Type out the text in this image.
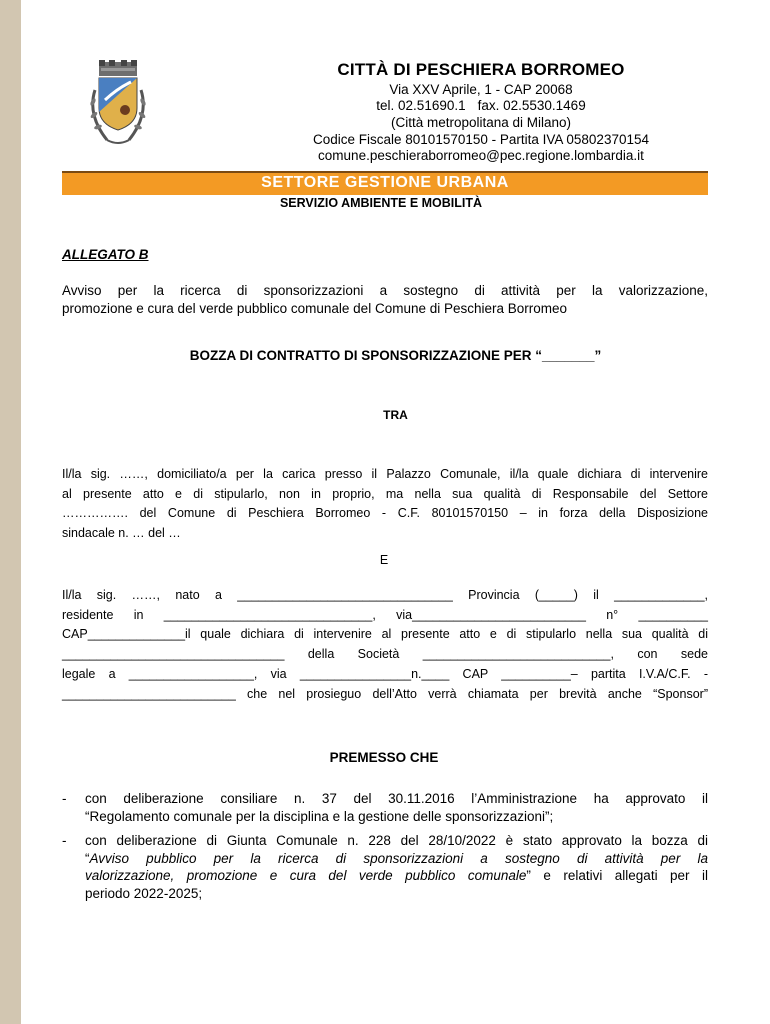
CITTÀ DI PESCHIERA BORROMEO
Via XXV Aprile, 1 - CAP 20068
tel. 02.51690.1 fax. 02.5530.1469
(Città metropolitana di Milano)
Codice Fiscale 80101570150 - Partita IVA 05802370154
comune.peschieraborromeo@pec.regione.lombardia.it
SETTORE GESTIONE URBANA
SERVIZIO AMBIENTE E MOBILITÀ
ALLEGATO B
Avviso per la ricerca di sponsorizzazioni a sostegno di attività per la valorizzazione,
promozione e cura del verde pubblico comunale del Comune di Peschiera Borromeo
BOZZA DI CONTRATTO DI SPONSORIZZAZIONE PER “_______”
TRA
Il/la sig. ……, domiciliato/a per la carica presso il Palazzo Comunale, il/la quale dichiara di intervenire
al presente atto e di stipularlo, non in proprio, ma nella sua qualità di Responsabile del Settore
……………. del Comune di Peschiera Borromeo - C.F. 80101570150 – in forza della Disposizione
sindacale n. … del …
E
Il/la sig. ……, nato a _______________________________ Provincia (_____) il _____________,
residente in ______________________________, via_________________________ n° __________
CAP______________il quale dichiara di intervenire al presente atto e di stipularlo nella sua qualità di
________________________________ della Società ___________________________, con sede
legale a __________________, via ________________n.____ CAP __________– partita I.V.A/C.F. -
_________________________ che nel prosieguo dell’Atto verrà chiamata per brevità anche “Sponsor”
PREMESSO CHE
- con deliberazione consiliare n. 37 del 30.11.2016 l’Amministrazione ha approvato il
“Regolamento comunale per la disciplina e la gestione delle sponsorizzazioni”;
- con deliberazione di Giunta Comunale n. 228 del 28/10/2022 è stato approvato la bozza di
“Avviso pubblico per la ricerca di sponsorizzazioni a sostegno di attività per la
valorizzazione, promozione e cura del verde pubblico comunale” e relativi allegati per il
periodo 2022-2025;
